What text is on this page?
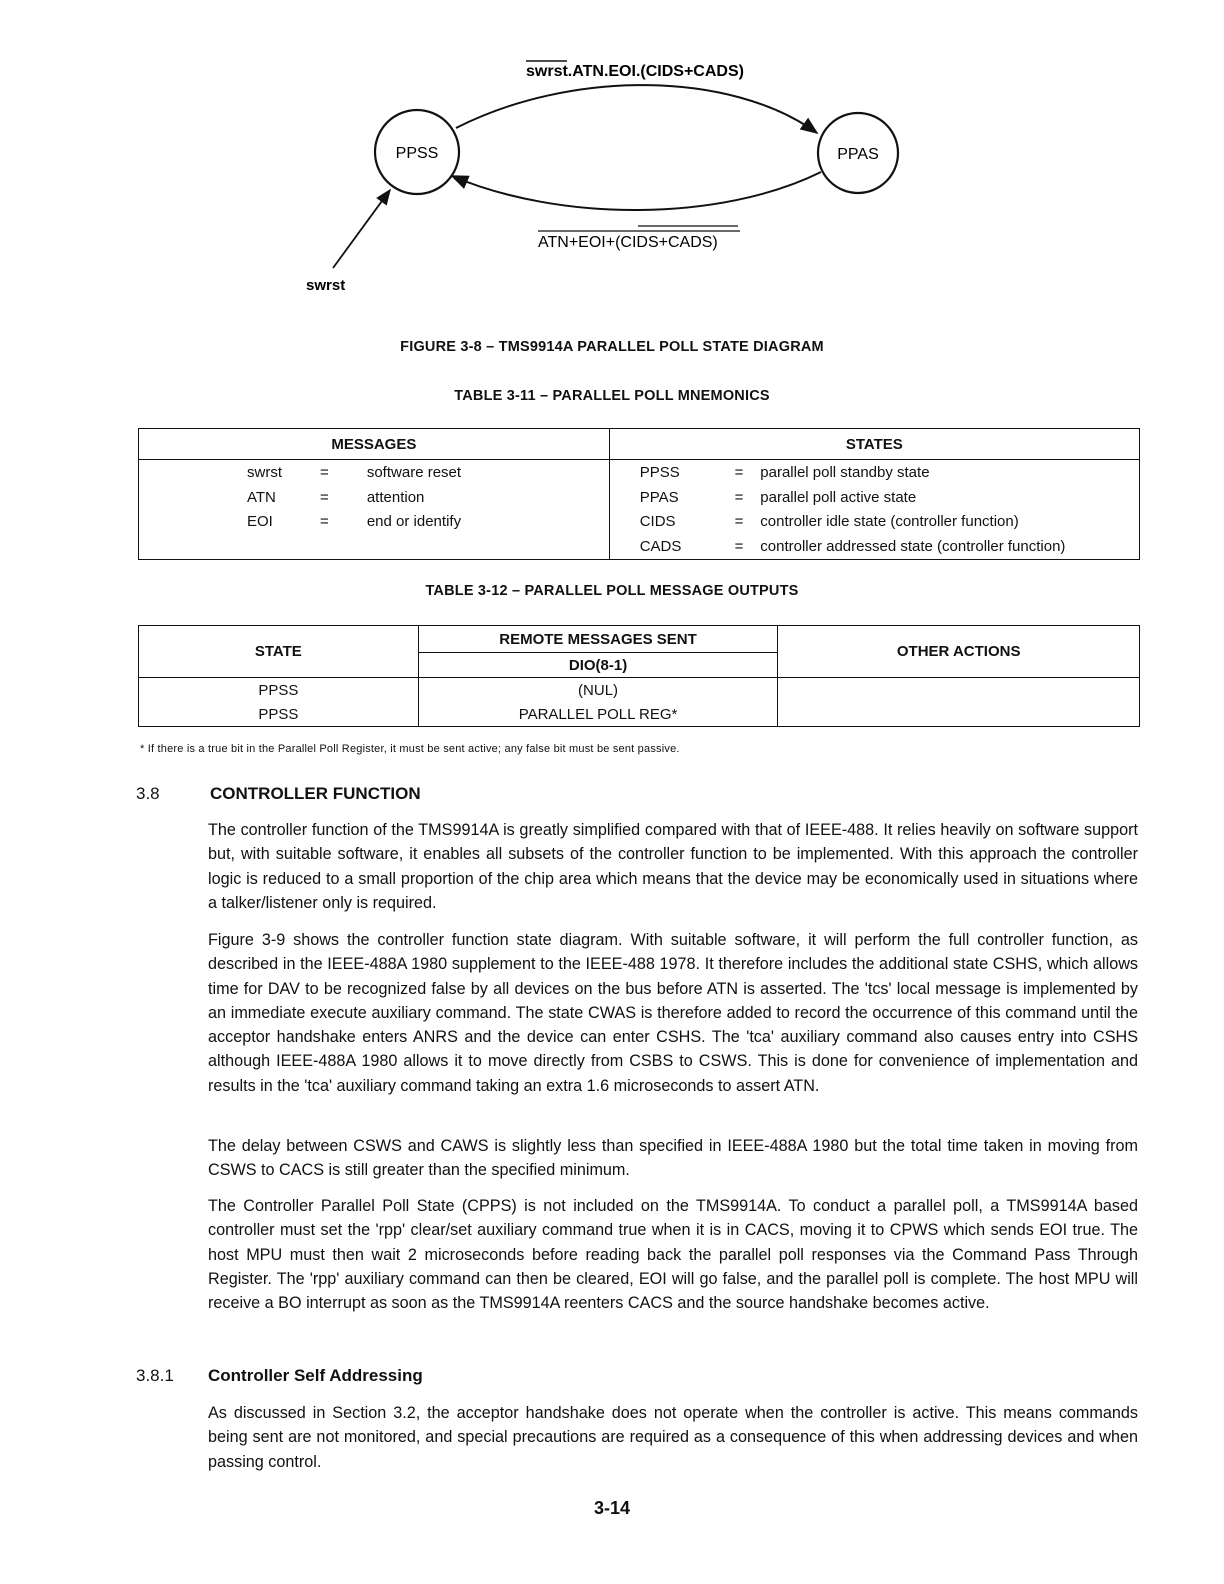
swrst.ATN.EOI.(CIDS+CADS)
PPSS	PPAS
ATN+EOI+(CIDS+CADS)
swrst
FIGURE 3-8 – TMS9914A PARALLEL POLL STATE DIAGRAM
TABLE 3-11 – PARALLEL POLL MNEMONICS
MESSAGES			STATES		
swrst	=	software reset	PPSS	=	parallel poll standby state
ATN	=	attention	PPAS	=	parallel poll active state
EOI	=	end or identify	CIDS	=	controller idle state (controller function)
			CADS	=	controller addressed state (controller function)
TABLE 3-12 – PARALLEL POLL MESSAGE OUTPUTS
STATE	REMOTE MESSAGES SENT	OTHER ACTIONS
	DIO(8-1)	
PPSS	(NUL)	
PPSS	PARALLEL POLL REG*	
* If there is a true bit in the Parallel Poll Register, it must be sent active; any false bit must be sent passive.
3.8	CONTROLLER FUNCTION

The controller function of the TMS9914A is greatly simplified compared with that of IEEE-488. It relies heavily on software support but, with suitable software, it enables all subsets of the controller function to be implemented. With this approach the controller logic is reduced to a small proportion of the chip area which means that the device may be economically used in situations where a talker/listener only is required.

Figure 3-9 shows the controller function state diagram. With suitable software, it will perform the full controller function, as described in the IEEE-488A 1980 supplement to the IEEE-488 1978. It therefore includes the additional state CSHS, which allows time for DAV to be recognized false by all devices on the bus before ATN is asserted. The 'tcs' local message is implemented by an immediate execute auxiliary command. The state CWAS is therefore added to record the occurrence of this command until the acceptor handshake enters ANRS and the device can enter CSHS. The 'tca' auxiliary command also causes entry into CSHS although IEEE-488A 1980 allows it to move directly from CSBS to CSWS. This is done for convenience of implementation and results in the 'tca' auxiliary command taking an extra 1.6 microseconds to assert ATN.

The delay between CSWS and CAWS is slightly less than specified in IEEE-488A 1980 but the total time taken in moving from CSWS to CACS is still greater than the specified minimum.

The Controller Parallel Poll State (CPPS) is not included on the TMS9914A. To conduct a parallel poll, a TMS9914A based controller must set the 'rpp' clear/set auxiliary command true when it is in CACS, moving it to CPWS which sends EOI true. The host MPU must then wait 2 microseconds before reading back the parallel poll responses via the Command Pass Through Register. The 'rpp' auxiliary command can then be cleared, EOI will go false, and the parallel poll is complete. The host MPU will receive a BO interrupt as soon as the TMS9914A reenters CACS and the source handshake becomes active.

3.8.1 Controller Self Addressing

As discussed in Section 3.2, the acceptor handshake does not operate when the controller is active. This means commands being sent are not monitored, and special precautions are required as a consequence of this when addressing devices and when passing control.

3-14
